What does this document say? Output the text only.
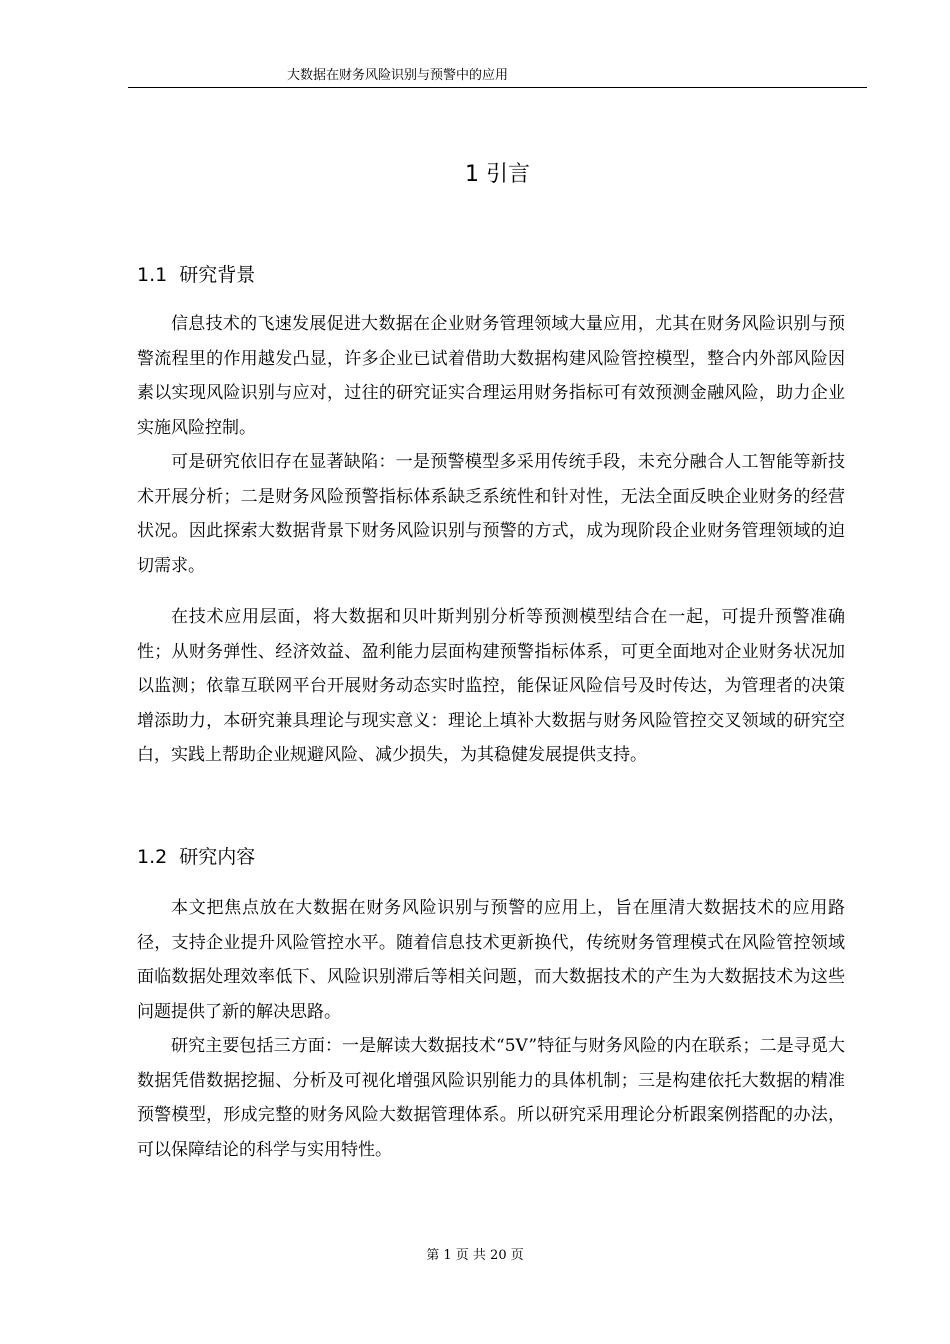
大数据在财务风险识别与预警中的应用
1 引言
1.1 研究背景

信息技术的飞速发展促进大数据在企业财务管理领域大量应用，尤其在财务风险识别与预警流程里的作用越发凸显，许多企业已试着借助大数据构建风险管控模型，整合内外部风险因素以实现风险识别与应对，过往的研究证实合理运用财务指标可有效预测金融风险，助力企业实施风险控制。

可是研究依旧存在显著缺陷：一是预警模型多采用传统手段，未充分融合人工智能等新技术开展分析；二是财务风险预警指标体系缺乏系统性和针对性，无法全面反映企业财务的经营状况。因此探索大数据背景下财务风险识别与预警的方式，成为现阶段企业财务管理领域的迫切需求。

在技术应用层面，将大数据和贝叶斯判别分析等预测模型结合在一起，可提升预警准确性；从财务弹性、经济效益、盈利能力层面构建预警指标体系，可更全面地对企业财务状况加以监测；依靠互联网平台开展财务动态实时监控，能保证风险信号及时传达，为管理者的决策增添助力，本研究兼具理论与现实意义：理论上填补大数据与财务风险管控交叉领域的研究空白，实践上帮助企业规避风险、减少损失，为其稳健发展提供支持。

1.2 研究内容

本文把焦点放在大数据在财务风险识别与预警的应用上，旨在厘清大数据技术的应用路径，支持企业提升风险管控水平。随着信息技术更新换代，传统财务管理模式在风险管控领域面临数据处理效率低下、风险识别滞后等相关问题，而大数据技术的产生为大数据技术为这些问题提供了新的解决思路。

研究主要包括三方面：一是解读大数据技术“5V”特征与财务风险的内在联系；二是寻觅大数据凭借数据挖掘、分析及可视化增强风险识别能力的具体机制；三是构建依托大数据的精准预警模型，形成完整的财务风险大数据管理体系。所以研究采用理论分析跟案例搭配的办法，可以保障结论的科学与实用特性。

第 1 页 共 20 页
